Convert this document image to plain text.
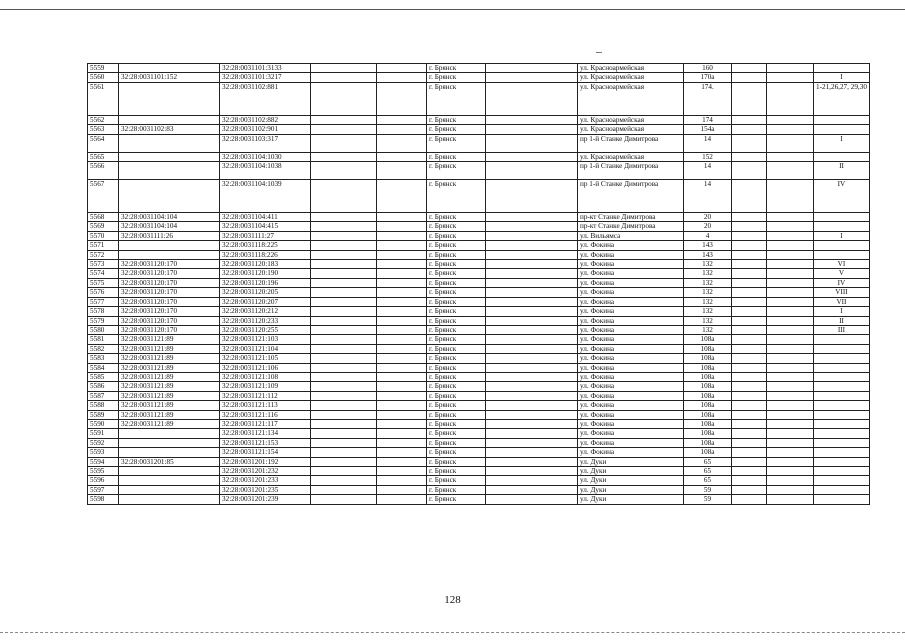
5559		32:28:0031101:3133			г. Брянск		ул. Красноармейская	160			
5560	32:28:0031101:152	32:28:0031101:3217			г. Брянск		ул. Красноармейская	170а			I
5561		32:28:0031102:881			г. Брянск		ул. Красноармейская	174.			1-21,26,27, 29,30
5562		32:28:0031102:882			г. Брянск		ул. Красноармейская	174			
5563	32:28:0031102:83	32:28:0031102:901			г. Брянск		ул. Красноармейская	154а			
5564		32:28:0031103:317			г. Брянск		пр 1-й Станке Димитрова	14			I
5565		32:28:0031104:1030			г. Брянск		ул. Красноармейская	152			
5566		32:28:0031104:1038			г. Брянск		пр 1-й Станке Димитрова	14			II
5567		32:28:0031104:1039			г. Брянск		пр 1-й Станке Димитрова	14			IV
5568	32:28:0031104:104	32:28:0031104:411			г. Брянск		пр-кт Станке Димитрова	20			
5569	32:28:0031104:104	32:28:0031104:415			г. Брянск		пр-кт Станке Димитрова	20			
5570	32:28:0031111:26	32:28:0031111:27			г. Брянск		ул. Вильямса	4			I
5571		32:28:0031118:225			г. Брянск		ул. Фокина	143			
5572		32:28:0031118:226			г. Брянск		ул. Фокина	143			
5573	32:28:0031120:170	32:28:0031120:183			г. Брянск		ул. Фокина	132			VI
5574	32:28:0031120:170	32:28:0031120:190			г. Брянск		ул. Фокина	132			V
5575	32:28:0031120:170	32:28:0031120:196			г. Брянск		ул. Фокина	132			IV
5576	32:28:0031120:170	32:28:0031120:205			г. Брянск		ул. Фокина	132			VIII
5577	32:28:0031120:170	32:28:0031120:207			г. Брянск		ул. Фокина	132			VII
5578	32:28:0031120:170	32:28:0031120:212			г. Брянск		ул. Фокина	132			I
5579	32:28:0031120:170	32:28:0031120:233			г. Брянск		ул. Фокина	132			II
5580	32:28:0031120:170	32:28:0031120:255			г. Брянск		ул. Фокина	132			III
5581	32:28:0031121:89	32:28:0031121:103			г. Брянск		ул. Фокина	108а			
5582	32:28:0031121:89	32:28:0031121:104			г. Брянск		ул. Фокина	108а			
5583	32:28:0031121:89	32:28:0031121:105			г. Брянск		ул. Фокина	108а			
5584	32:28:0031121:89	32:28:0031121:106			г. Брянск		ул. Фокина	108а			
5585	32:28:0031121:89	32:28:0031121:108			г. Брянск		ул. Фокина	108а			
5586	32:28:0031121:89	32:28:0031121:109			г. Брянск		ул. Фокина	108а			
5587	32:28:0031121:89	32:28:0031121:112			г. Брянск		ул. Фокина	108а			
5588	32:28:0031121:89	32:28:0031121:113			г. Брянск		ул. Фокина	108а			
5589	32:28:0031121:89	32:28:0031121:116			г. Брянск		ул. Фокина	108а			
5590	32:28:0031121:89	32:28:0031121:117			г. Брянск		ул. Фокина	108а			
5591		32:28:0031121:134			г. Брянск		ул. Фокина	108а			
5592		32:28:0031121:153			г. Брянск		ул. Фокина	108а			
5593		32:28:0031121:154			г. Брянск		ул. Фокина	108а			
5594	32:28:0031201:85	32:28:0031201:192			г. Брянск		ул. Дуки	65			
5595		32:28:0031201:232			г. Брянск		ул. Дуки	65			
5596		32:28:0031201:233			г. Брянск		ул. Дуки	65			
5597		32:28:0031201:235			г. Брянск		ул. Дуки	59			
5598		32:28:0031201:239			г. Брянск		ул. Дуки	59			
128
